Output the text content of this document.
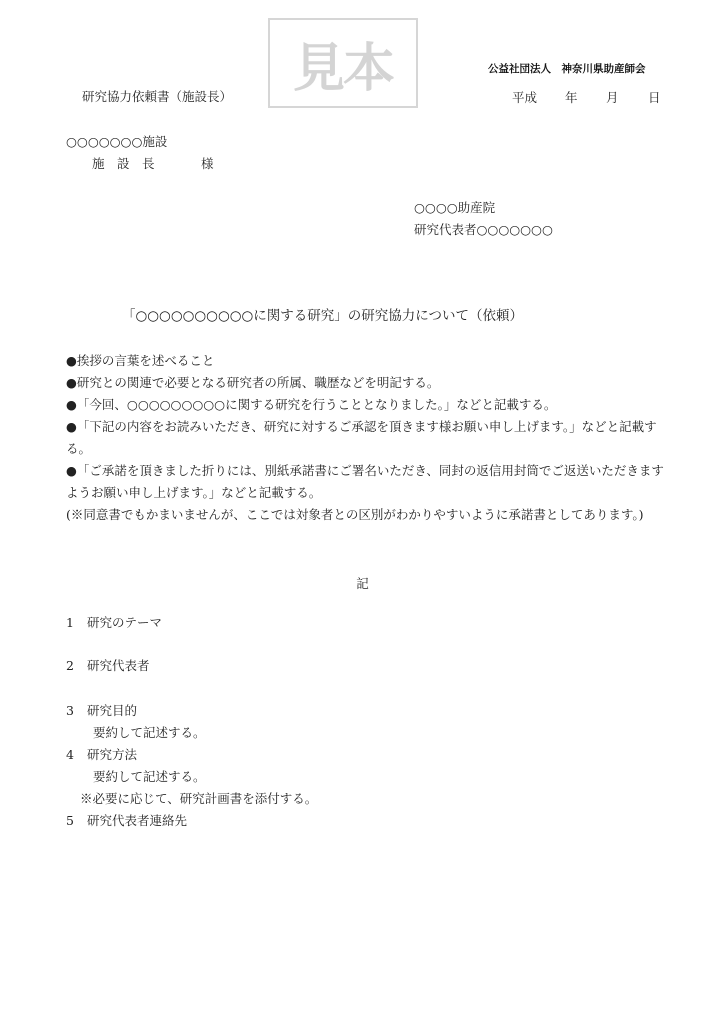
研究協力依頼書（施設長） 見本	公益社団法人　神奈川県助産師会
平成 年 月 日
○○○○○○○施設
施　設　長	様
○○○○助産院
研究代表者○○○○○○○
「○○○○○○○○○○に関する研究」の研究協力について（依頼）

●挨拶の言葉を述べること

●研究との関連で必要となる研究者の所属、職歴などを明記する。

●「今回、○○○○○○○○○に関する研究を行うこととなりました。」などと記載する。

●「下記の内容をお読みいただき、研究に対するご承認を頂きます様お願い申し上げます。」などと記載する。

●「ご承諾を頂きました折りには、別紙承諾書にご署名いただき、同封の返信用封筒でご返送いただきますようお願い申し上げます。」などと記載する。

(※同意書でもかまいませんが、ここでは対象者との区別がわかりやすいように承諾書としてあります。)

記
1 研究のテーマ
2 研究代表者
3 研究目的
要約して記述する。
4 研究方法
要約して記述する。
※必要に応じて、研究計画書を添付する。
5 研究代表者連絡先
